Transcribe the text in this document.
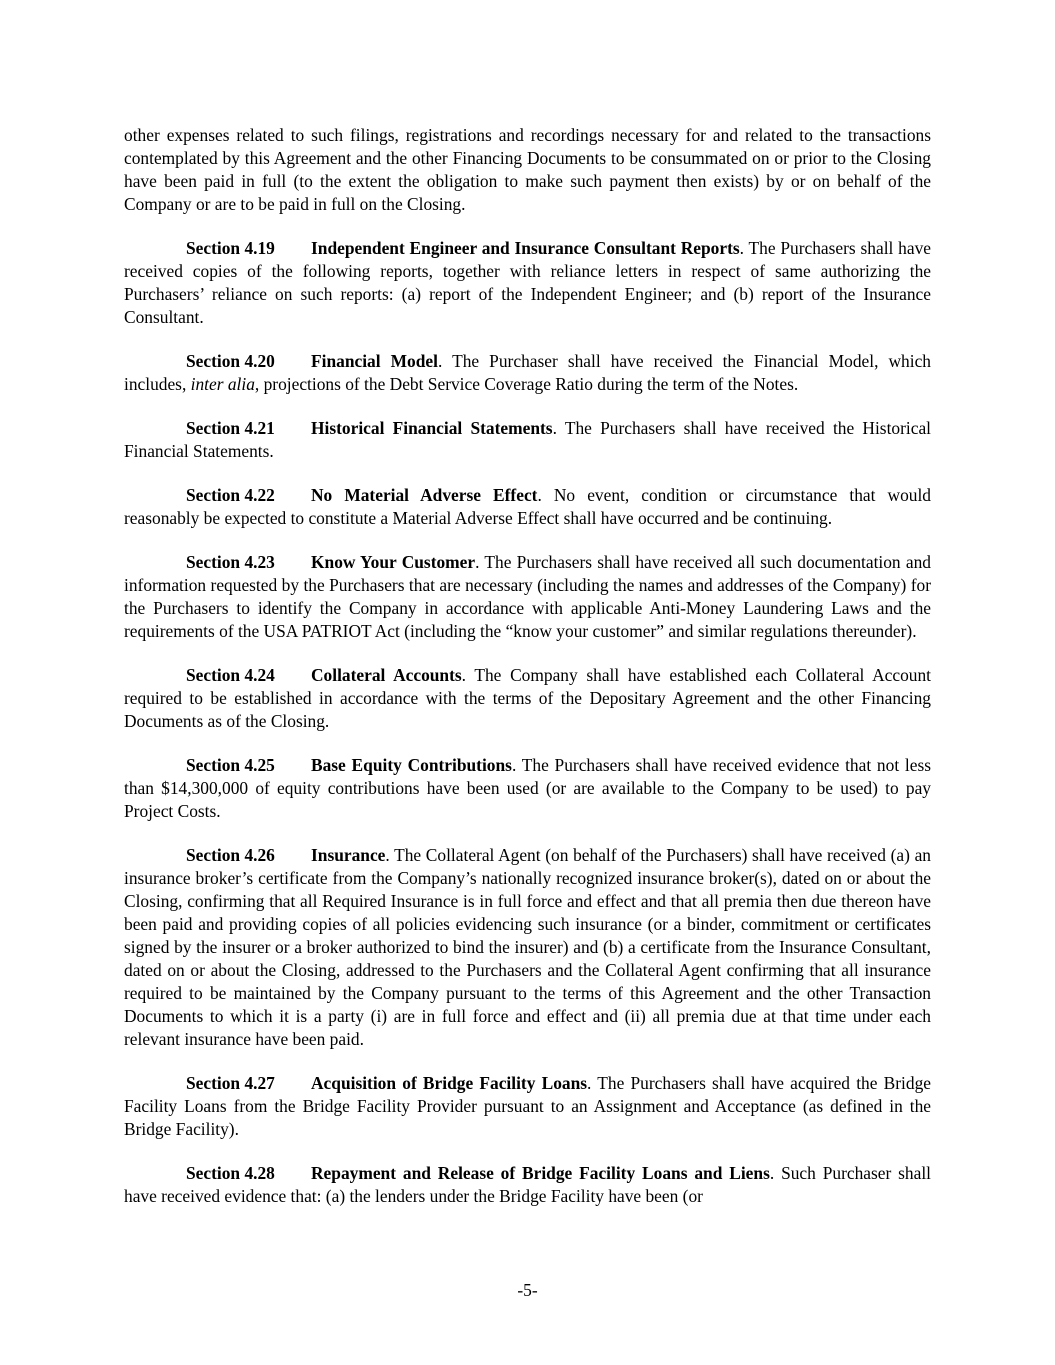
other expenses related to such filings, registrations and recordings necessary for and related to the transactions contemplated by this Agreement and the other Financing Documents to be consummated on or prior to the Closing have been paid in full (to the extent the obligation to make such payment then exists) by or on behalf of the Company or are to be paid in full on the Closing.

Section 4.19 Independent Engineer and Insurance Consultant Reports. The Purchasers shall have received copies of the following reports, together with reliance letters in respect of same authorizing the Purchasers’ reliance on such reports: (a) report of the Independent Engineer; and (b) report of the Insurance Consultant.

Section 4.20 Financial Model. The Purchaser shall have received the Financial Model, which includes, inter alia, projections of the Debt Service Coverage Ratio during the term of the Notes.

Section 4.21 Historical Financial Statements. The Purchasers shall have received the Historical Financial Statements.

Section 4.22 No Material Adverse Effect. No event, condition or circumstance that would reasonably be expected to constitute a Material Adverse Effect shall have occurred and be continuing.

Section 4.23 Know Your Customer. The Purchasers shall have received all such documentation and information requested by the Purchasers that are necessary (including the names and addresses of the Company) for the Purchasers to identify the Company in accordance with applicable Anti-Money Laundering Laws and the requirements of the USA PATRIOT Act (including the “know your customer” and similar regulations thereunder).

Section 4.24 Collateral Accounts. The Company shall have established each Collateral Account required to be established in accordance with the terms of the Depositary Agreement and the other Financing Documents as of the Closing.

Section 4.25 Base Equity Contributions. The Purchasers shall have received evidence that not less than $14,300,000 of equity contributions have been used (or are available to the Company to be used) to pay Project Costs.

Section 4.26 Insurance. The Collateral Agent (on behalf of the Purchasers) shall have received (a) an insurance broker’s certificate from the Company’s nationally recognized insurance broker(s), dated on or about the Closing, confirming that all Required Insurance is in full force and effect and that all premia then due thereon have been paid and providing copies of all policies evidencing such insurance (or a binder, commitment or certificates signed by the insurer or a broker authorized to bind the insurer) and (b) a certificate from the Insurance Consultant, dated on or about the Closing, addressed to the Purchasers and the Collateral Agent confirming that all insurance required to be maintained by the Company pursuant to the terms of this Agreement and the other Transaction Documents to which it is a party (i) are in full force and effect and (ii) all premia due at that time under each relevant insurance have been paid.

Section 4.27 Acquisition of Bridge Facility Loans. The Purchasers shall have acquired the Bridge Facility Loans from the Bridge Facility Provider pursuant to an Assignment and Acceptance (as defined in the Bridge Facility).

Section 4.28 Repayment and Release of Bridge Facility Loans and Liens. Such Purchaser shall have received evidence that: (a) the lenders under the Bridge Facility have been (or

-5-
